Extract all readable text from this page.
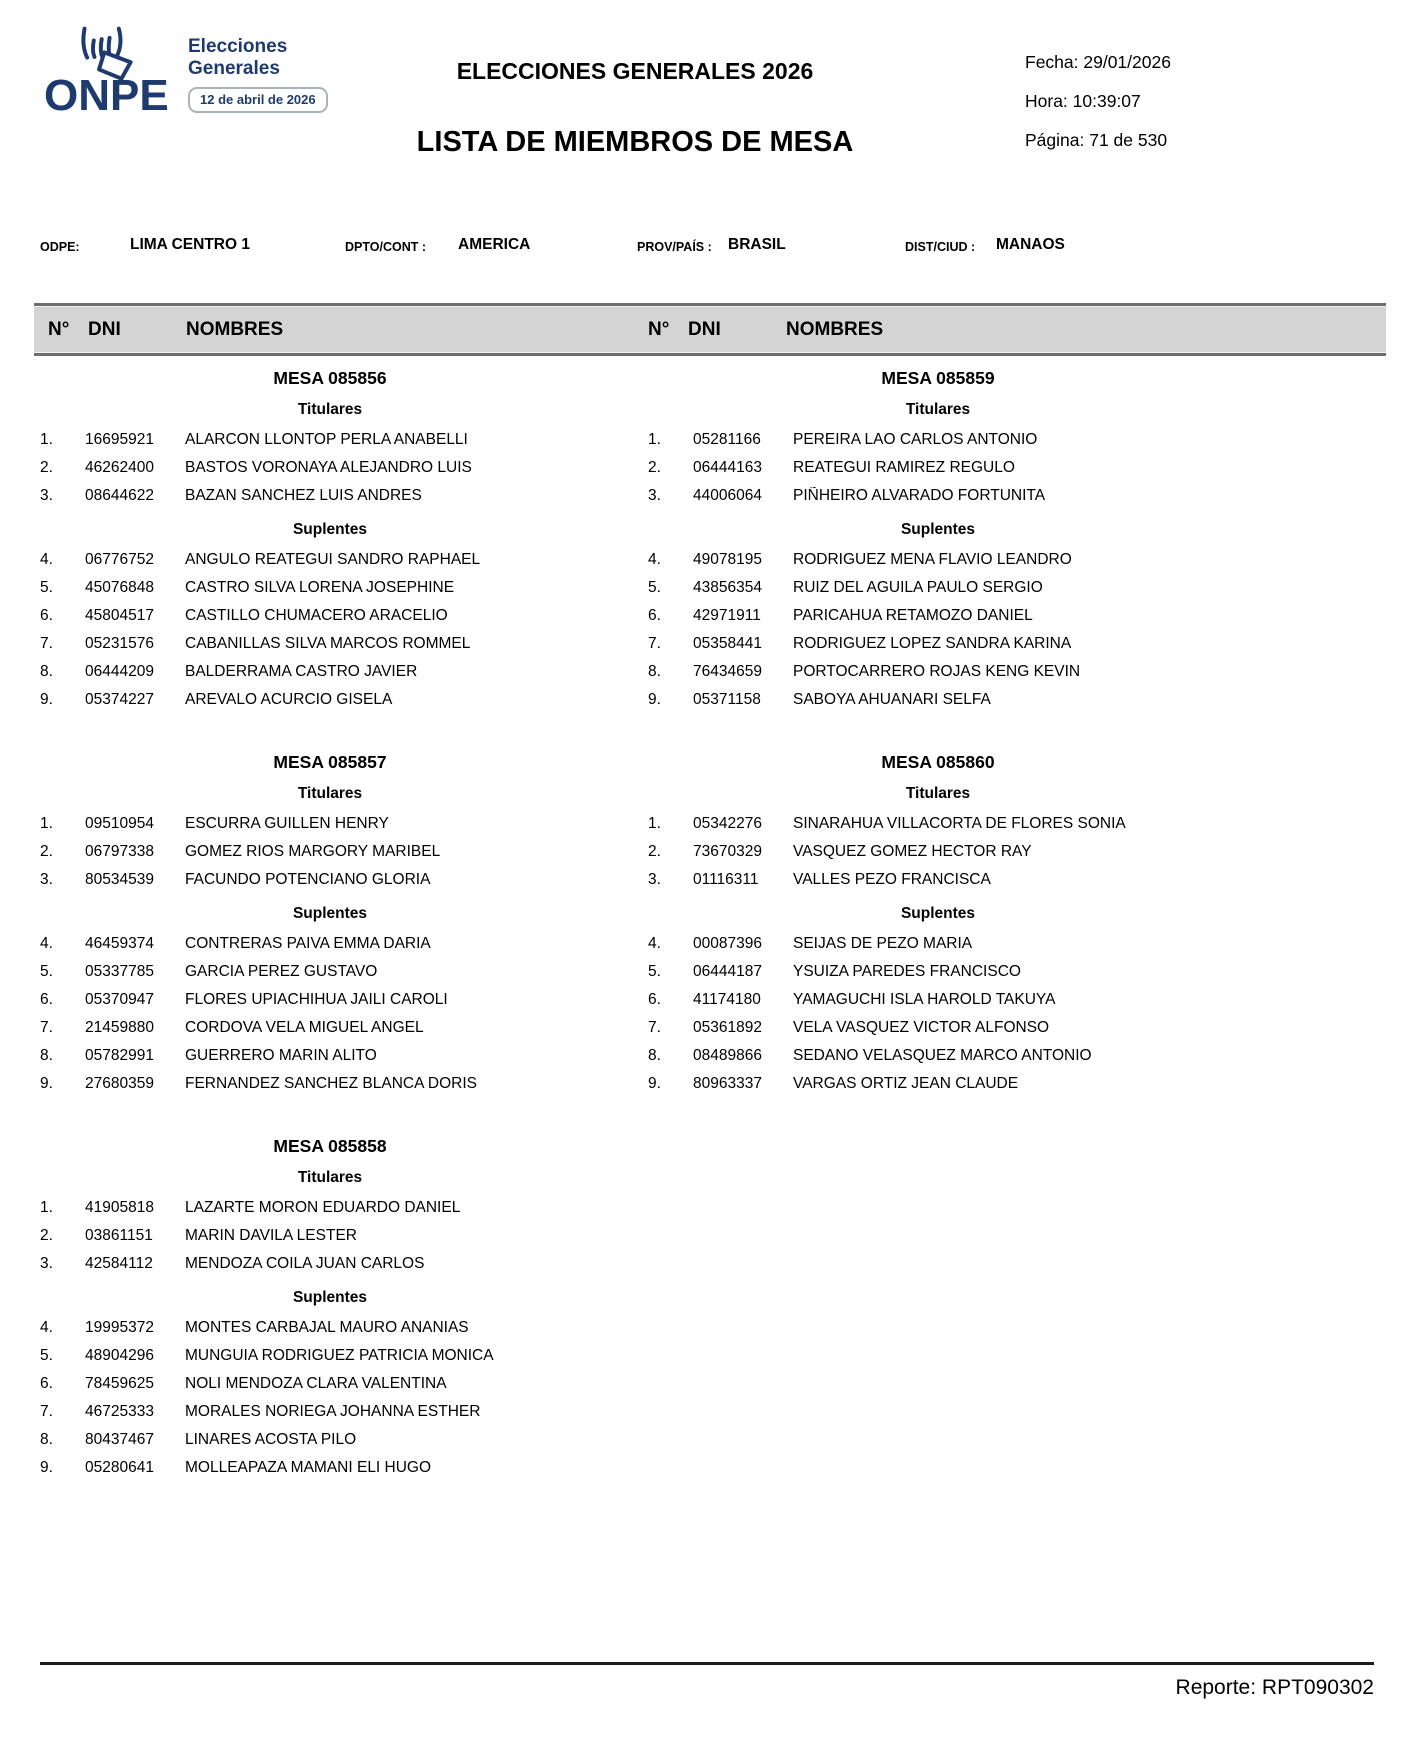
ONPE
Elecciones
Generales
12 de abril de 2026
ELECCIONES GENERALES 2026
LISTA DE MIEMBROS DE MESA
Fecha: 29/01/2026
Hora: 10:39:07
Página: 71 de 530
ODPE:	LIMA CENTRO 1	DPTO/CONT : AMERICA	PROV/PAÍS : BRASIL	DIST/CIUD : MANAOS
N° DNI	NOMBRES	N° DNI	NOMBRES
MESA 085856
Titulares
1.	16695921	ALARCON LLONTOP PERLA ANABELLI
2.	46262400	BASTOS VORONAYA ALEJANDRO LUIS
3.	08644622	BAZAN SANCHEZ LUIS ANDRES
Suplentes
4.	06776752	ANGULO REATEGUI SANDRO RAPHAEL
5.	45076848	CASTRO SILVA LORENA JOSEPHINE
6.	45804517	CASTILLO CHUMACERO ARACELIO
7.	05231576	CABANILLAS SILVA MARCOS ROMMEL
8.	06444209	BALDERRAMA CASTRO JAVIER
9.	05374227	AREVALO ACURCIO GISELA
MESA 085857
Titulares
1.	09510954	ESCURRA GUILLEN HENRY
2.	06797338	GOMEZ RIOS MARGORY MARIBEL
3.	80534539	FACUNDO POTENCIANO GLORIA
Suplentes
4.	46459374	CONTRERAS PAIVA EMMA DARIA
5.	05337785	GARCIA PEREZ GUSTAVO
6.	05370947	FLORES UPIACHIHUA JAILI CAROLI
7.	21459880	CORDOVA VELA MIGUEL ANGEL
8.	05782991	GUERRERO MARIN ALITO
9.	27680359	FERNANDEZ SANCHEZ BLANCA DORIS
MESA 085858
Titulares
1.	41905818	LAZARTE MORON EDUARDO DANIEL
2.	03861151	MARIN DAVILA LESTER
3.	42584112	MENDOZA COILA JUAN CARLOS
Suplentes
4.	19995372	MONTES CARBAJAL MAURO ANANIAS
5.	48904296	MUNGUIA RODRIGUEZ PATRICIA MONICA
6.	78459625	NOLI MENDOZA CLARA VALENTINA
7.	46725333	MORALES NORIEGA JOHANNA ESTHER
8.	80437467	LINARES ACOSTA PILO
9.	05280641	MOLLEAPAZA MAMANI ELI HUGO
MESA 085859
Titulares
1.	05281166	PEREIRA LAO CARLOS ANTONIO
2.	06444163	REATEGUI RAMIREZ REGULO
3.	44006064	PIÑHEIRO ALVARADO FORTUNITA
Suplentes
4.	49078195	RODRIGUEZ MENA FLAVIO LEANDRO
5.	43856354	RUIZ DEL AGUILA PAULO SERGIO
6.	42971911	PARICAHUA RETAMOZO DANIEL
7.	05358441	RODRIGUEZ LOPEZ SANDRA KARINA
8.	76434659	PORTOCARRERO ROJAS KENG KEVIN
9.	05371158	SABOYA AHUANARI SELFA
MESA 085860
Titulares
1.	05342276	SINARAHUA VILLACORTA DE FLORES SONIA
2.	73670329	VASQUEZ GOMEZ HECTOR RAY
3.	01116311	VALLES PEZO FRANCISCA
Suplentes
4.	00087396	SEIJAS DE PEZO MARIA
5.	06444187	YSUIZA PAREDES FRANCISCO
6.	41174180	YAMAGUCHI ISLA HAROLD TAKUYA
7.	05361892	VELA VASQUEZ VICTOR ALFONSO
8.	08489866	SEDANO VELASQUEZ MARCO ANTONIO
9.	80963337	VARGAS ORTIZ JEAN CLAUDE
Reporte: RPT090302
